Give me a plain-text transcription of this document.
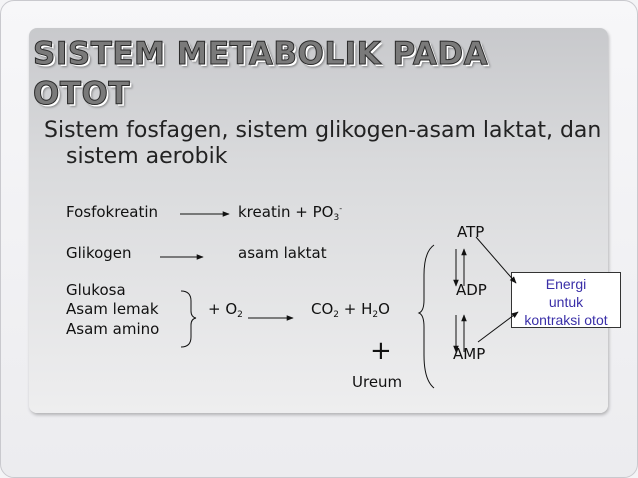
SISTEM METABOLIK PADA
OTOT
Sistem fosfagen, sistem glikogen-asam laktat, dan sistem aerobik
Fosfokreatin	kreatin + $PO_3^-$
Glikogen	asam laktat
Glukosa
Asam lemak
Asam amino
+ $O_2$	$CO_2 + H_2O$
+
Ureum
ATP
ADP
AMP
Energi
untuk
kontraksi otot
